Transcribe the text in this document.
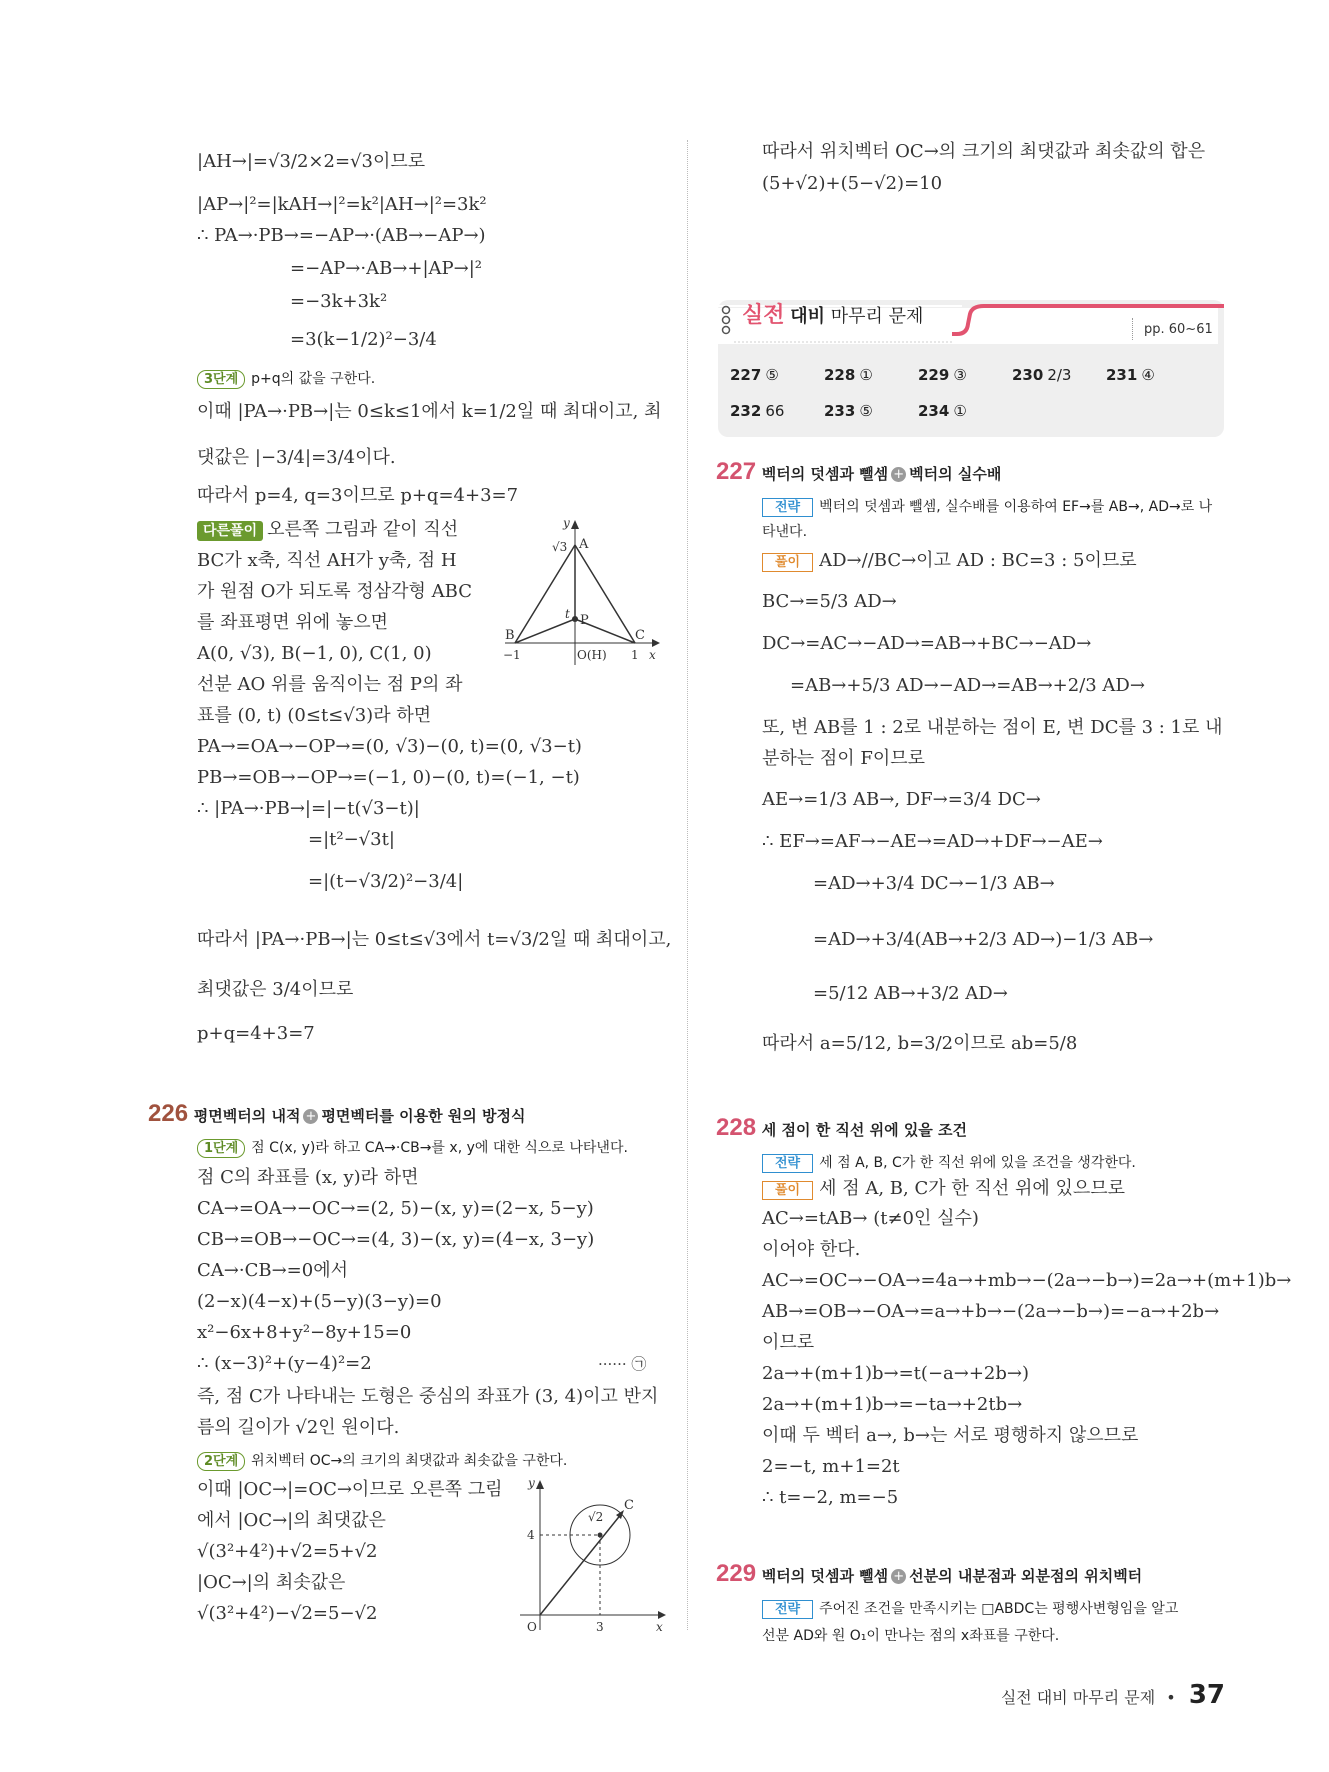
|AH→|=√3/2×2=√3이므로
|AP→|²=|kAH→|²=k²|AH→|²=3k²
∴ PA→·PB→=−AP→·(AB→−AP→)
=−AP→·AB→+|AP→|²
=−3k+3k²
=3(k−1/2)²−3/4
3단계 p+q의 값을 구한다.
이때 |PA→·PB→|는 0≤k≤1에서 k=1/2일 때 최대이고, 최
댓값은 |−3/4|=3/4이다.
따라서 p=4, q=3이므로 p+q=4+3=7
다른풀이 오른쪽 그림과 같이 직선
BC가 x축, 직선 AH가 y축, 점 H
가 원점 O가 되도록 정삼각형 ABC
를 좌표평면 위에 놓으면
A(0, √3), B(−1, 0), C(1, 0)
선분 AO 위를 움직이는 점 P의 좌
표를 (0, t) (0≤t≤√3)라 하면
PA→=OA→−OP→=(0, √3)−(0, t)=(0, √3−t)
PB→=OB→−OP→=(−1, 0)−(0, t)=(−1, −t)
∴ |PA→·PB→|=|−t(√3−t)|
=|t²−√3t|
=|(t−√3/2)²−3/4|
따라서 |PA→·PB→|는 0≤t≤√3에서 t=√3/2일 때 최대이고,
최댓값은 3/4이므로
p+q=4+3=7
y
√3 A
t P
B	C
−1	O(H) 1 x
226 평면벡터의 내적 + 평면벡터를 이용한 원의 방정식
1단계 점 C(x, y)라 하고 CA→·CB→를 x, y에 대한 식으로 나타낸다.
점 C의 좌표를 (x, y)라 하면
CA→=OA→−OC→=(2, 5)−(x, y)=(2−x, 5−y)
CB→=OB→−OC→=(4, 3)−(x, y)=(4−x, 3−y)
CA→·CB→=0에서
(2−x)(4−x)+(5−y)(3−y)=0
x²−6x+8+y²−8y+15=0
∴ (x−3)²+(y−4)²=2	······ ㉠
즉, 점 C가 나타내는 도형은 중심의 좌표가 (3, 4)이고 반지
름의 길이가 √2인 원이다.
2단계 위치벡터 OC→의 크기의 최댓값과 최솟값을 구한다.
이때 |OC→|=OC→이므로 오른쪽 그림
에서 |OC→|의 최댓값은
√(3²+4²)+√2=5+√2
|OC→|의 최솟값은
√(3²+4²)−√2=5−√2
y
4
√2
C
O	3	x
따라서 위치벡터 OC→의 크기의 최댓값과 최솟값의 합은
(5+√2)+(5−√2)=10
실전 대비 마무리 문제
pp. 60~61
227 ⑤	228 ①	229 ③	230 2/3 231 ④
232 66	233 ⑤	234 ①
227 벡터의 덧셈과 뺄셈 + 벡터의 실수배
전략 벡터의 덧셈과 뺄셈, 실수배를 이용하여 EF→를 AB→, AD→로 나
타낸다.
풀이 AD→//BC→이고 AD : BC=3 : 5이므로
BC→=5/3 AD→
DC→=AC→−AD→=AB→+BC→−AD→
=AB→+5/3 AD→−AD→=AB→+2/3 AD→
또, 변 AB를 1 : 2로 내분하는 점이 E, 변 DC를 3 : 1로 내
분하는 점이 F이므로
AE→=1/3 AB→, DF→=3/4 DC→
∴ EF→=AF→−AE→=AD→+DF→−AE→
=AD→+3/4 DC→−1/3 AB→
=AD→+3/4(AB→+2/3 AD→)−1/3 AB→
=5/12 AB→+3/2 AD→
따라서 a=5/12, b=3/2이므로 ab=5/8
228 세 점이 한 직선 위에 있을 조건
전략 세 점 A, B, C가 한 직선 위에 있을 조건을 생각한다.
풀이 세 점 A, B, C가 한 직선 위에 있으므로
AC→=tAB→ (t≠0인 실수)
이어야 한다.
AC→=OC→−OA→=4a→+mb→−(2a→−b→)=2a→+(m+1)b→
AB→=OB→−OA→=a→+b→−(2a→−b→)=−a→+2b→
이므로
2a→+(m+1)b→=t(−a→+2b→)
2a→+(m+1)b→=−ta→+2tb→
이때 두 벡터 a→, b→는 서로 평행하지 않으므로
2=−t, m+1=2t
∴ t=−2, m=−5
229 벡터의 덧셈과 뺄셈 + 선분의 내분점과 외분점의 위치벡터
전략 주어진 조건을 만족시키는 □ABDC는 평행사변형임을 알고
선분 AD와 원 O₁이 만나는 점의 x좌표를 구한다.
실전 대비 마무리 문제 • 37
